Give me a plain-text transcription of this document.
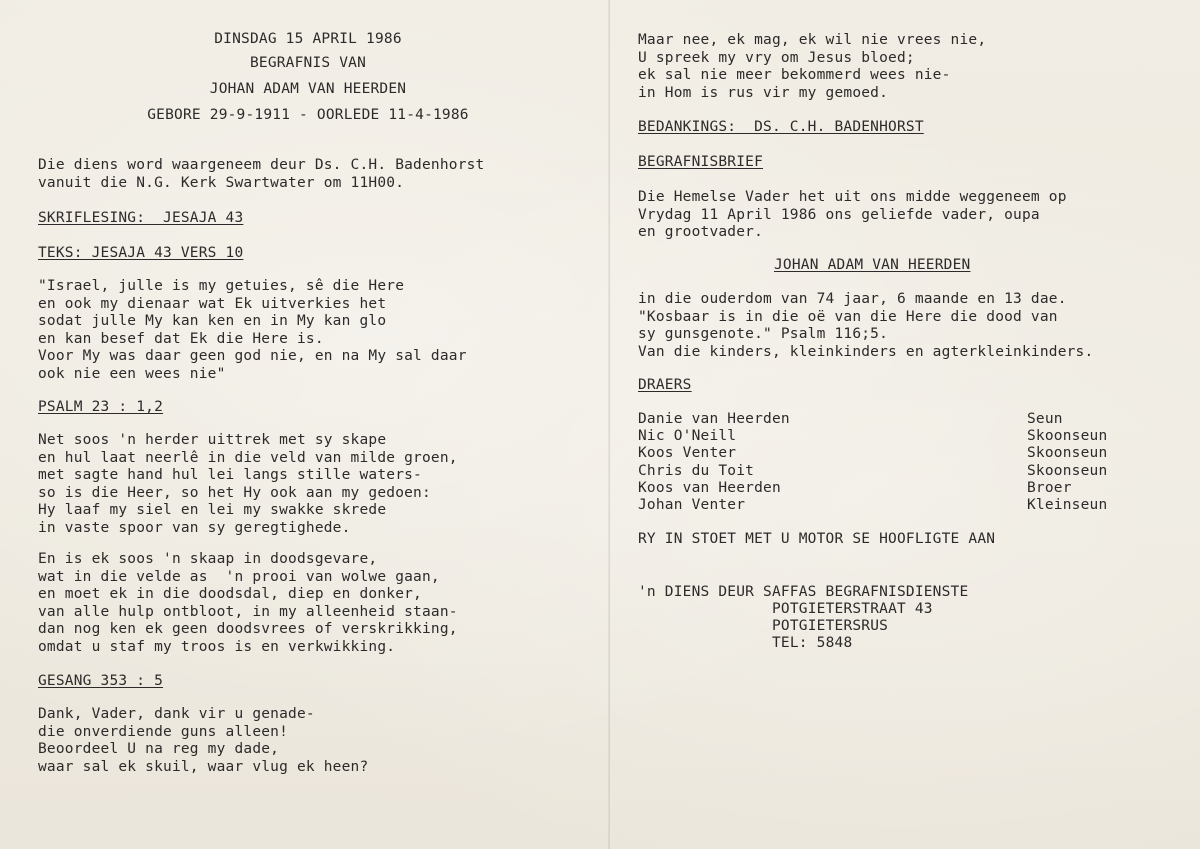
DINSDAG 15 APRIL 1986
BEGRAFNIS VAN
JOHAN ADAM VAN HEERDEN
GEBORE 29-9-1911 - OORLEDE 11-4-1986
Die diens word waargeneem deur Ds. C.H. Badenhorst
vanuit die N.G. Kerk Swartwater om 11H00.
SKRIFLESING:  JESAJA 43
TEKS: JESAJA 43 VERS 10
"Israel, julle is my getuies, sê die Here
en ook my dienaar wat Ek uitverkies het
sodat julle My kan ken en in My kan glo
en kan besef dat Ek die Here is.
Voor My was daar geen god nie, en na My sal daar
ook nie een wees nie"
PSALM 23 : 1,2
Net soos 'n herder uittrek met sy skape
en hul laat neerlê in die veld van milde groen,
met sagte hand hul lei langs stille waters-
so is die Heer, so het Hy ook aan my gedoen:
Hy laaf my siel en lei my swakke skrede
in vaste spoor van sy geregtighede.
En is ek soos 'n skaap in doodsgevare,
wat in die velde as  'n prooi van wolwe gaan,
en moet ek in die doodsdal, diep en donker,
van alle hulp ontbloot, in my alleenheid staan-
dan nog ken ek geen doodsvrees of verskrikking,
omdat u staf my troos is en verkwikking.
GESANG 353 : 5
Dank, Vader, dank vir u genade-
die onverdiende guns alleen!
Beoordeel U na reg my dade,
waar sal ek skuil, waar vlug ek heen?
Maar nee, ek mag, ek wil nie vrees nie,
U spreek my vry om Jesus bloed;
ek sal nie meer bekommerd wees nie-
in Hom is rus vir my gemoed.
BEDANKINGS:  DS. C.H. BADENHORST
BEGRAFNISBRIEF
Die Hemelse Vader het uit ons midde weggeneem op
Vrydag 11 April 1986 ons geliefde vader, oupa
en grootvader.
JOHAN ADAM VAN HEERDEN
in die ouderdom van 74 jaar, 6 maande en 13 dae.
"Kosbaar is in die oë van die Here die dood van
sy gunsgenote." Psalm 116;5.
Van die kinders, kleinkinders en agterkleinkinders.
DRAERS
Danie van Heerden	Seun
Nic O'Neill	Skoonseun
Koos Venter	Skoonseun
Chris du Toit	Skoonseun
Koos van Heerden	Broer
Johan Venter	Kleinseun
RY IN STOET MET U MOTOR SE HOOFLIGTE AAN
'n DIENS DEUR SAFFAS BEGRAFNISDIENSTE
POTGIETERSTRAAT 43
POTGIETERSRUS
TEL: 5848
